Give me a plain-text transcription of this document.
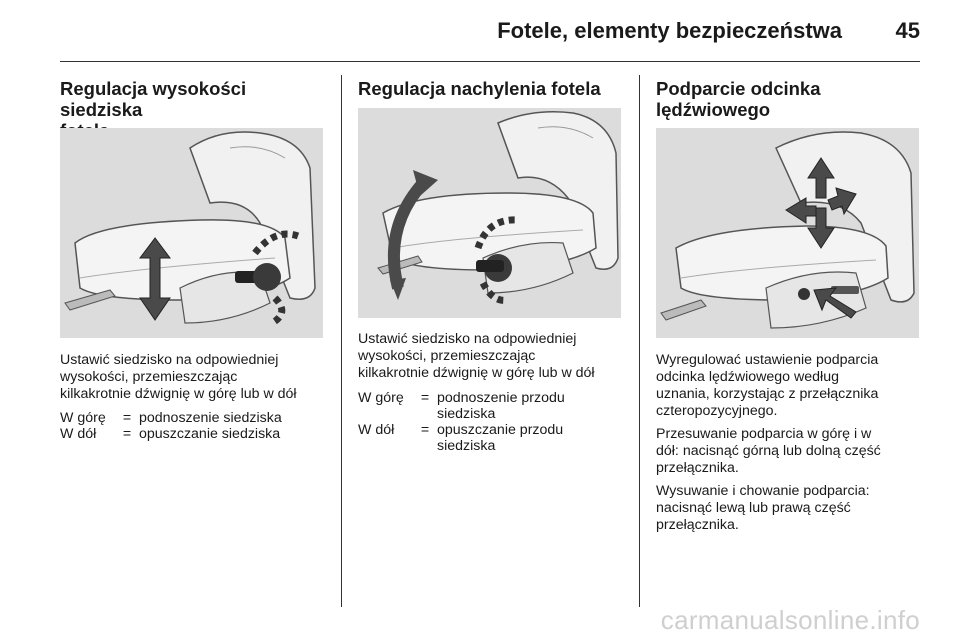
Fotele, elementy bezpieczeństwa 45
Regulacja wysokości siedziska
Ustawić siedzisko na odpowiedniej
wysokości, przemieszczając
kilkakrotnie dźwignię w górę lub w dół
W górę	=	podnoszenie siedziska
W dół	=	opuszczanie siedziska
Regulacja nachylenia fotela
Ustawić siedzisko na odpowiedniej
wysokości, przemieszczając
kilkakrotnie dźwignię w górę lub w dół
W górę	=	podnoszenie przodu
siedziska

W dół	=	opuszczanie przodu
siedziska
Podparcie odcinka
lędźwiowego

Wyregulować ustawienie podparcia
odcinka lędźwiowego według
uznania, korzystając z przełącznika
czteropozycyjnego.

Przesuwanie podparcia w górę i w
dół: nacisnąć górną lub dolną część
przełącznika.

Wysuwanie i chowanie podparcia:
nacisnąć lewą lub prawą część
przełącznika.

carmanualsonline.info
